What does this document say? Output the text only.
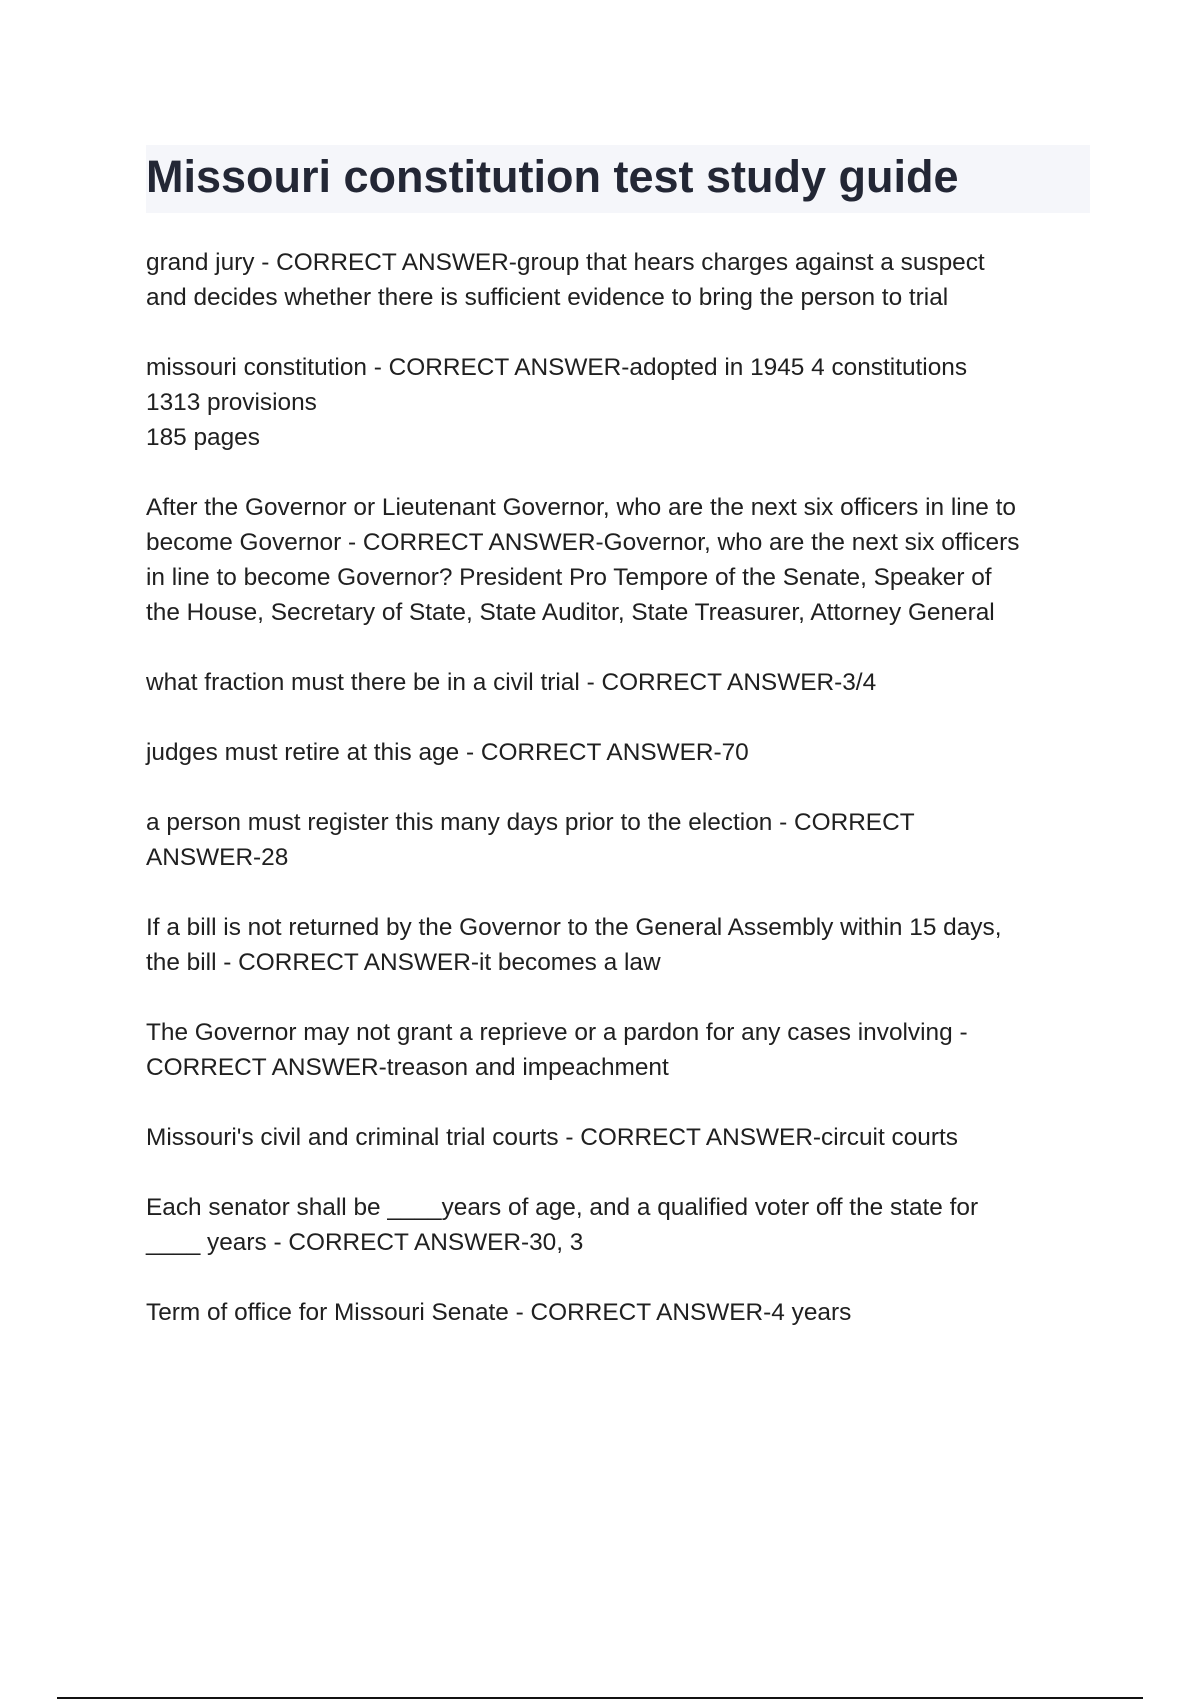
Missouri constitution test study guide

grand jury - CORRECT ANSWER-group that hears charges against a suspect
and decides whether there is sufficient evidence to bring the person to trial

missouri constitution - CORRECT ANSWER-adopted in 1945 4 constitutions
1313 provisions
185 pages

After the Governor or Lieutenant Governor, who are the next six officers in line to
become Governor - CORRECT ANSWER-Governor, who are the next six officers
in line to become Governor? President Pro Tempore of the Senate, Speaker of
the House, Secretary of State, State Auditor, State Treasurer, Attorney General

what fraction must there be in a civil trial - CORRECT ANSWER-3/4

judges must retire at this age - CORRECT ANSWER-70

a person must register this many days prior to the election - CORRECT
ANSWER-28

If a bill is not returned by the Governor to the General Assembly within 15 days,
the bill - CORRECT ANSWER-it becomes a law

The Governor may not grant a reprieve or a pardon for any cases involving -
CORRECT ANSWER-treason and impeachment

Missouri's civil and criminal trial courts - CORRECT ANSWER-circuit courts

Each senator shall be ____years of age, and a qualified voter off the state for
____ years - CORRECT ANSWER-30, 3

Term of office for Missouri Senate - CORRECT ANSWER-4 years
